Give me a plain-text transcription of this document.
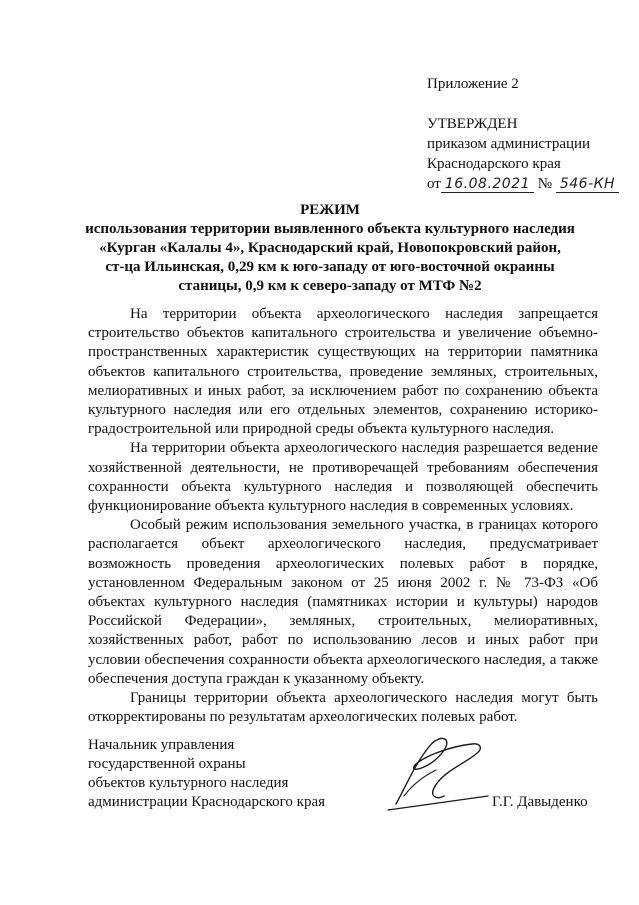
Приложение 2
УТВЕРЖДЕН
приказом администрации
Краснодарского края
от 16.08.2021 № 546-КН
РЕЖИМ
использования территории выявленного объекта культурного наследия
«Курган «Калалы 4», Краснодарский край, Новопокровский район,
ст-ца Ильинская, 0,29 км к юго-западу от юго-восточной окраины
станицы, 0,9 км к северо-западу от МТФ №2

На территории объекта археологического наследия запрещается строительство объектов капитального строительства и увеличение объемно-пространственных характеристик существующих на территории памятника объектов капитального строительства, проведение земляных, строительных, мелиоративных и иных работ, за исключением работ по сохранению объекта культурного наследия или его отдельных элементов, сохранению историко-градостроительной или природной среды объекта культурного наследия.

На территории объекта археологического наследия разрешается ведение хозяйственной деятельности, не противоречащей требованиям обеспечения сохранности объекта культурного наследия и позволяющей обеспечить функционирование объекта культурного наследия в современных условиях.

Особый режим использования земельного участка, в границах которого располагается объект археологического наследия, предусматривает возможность проведения археологических полевых работ в порядке, установленном Федеральным законом от 25 июня 2002 г. № 73-ФЗ «Об объектах культурного наследия (памятниках истории и культуры) народов Российской Федерации», земляных, строительных, мелиоративных, хозяйственных работ, работ по использованию лесов и иных работ при условии обеспечения сохранности объекта археологического наследия, а также обеспечения доступа граждан к указанному объекту.

Границы территории объекта археологического наследия могут быть откорректированы по результатам археологических полевых работ.

Начальник управления
государственной охраны
объектов культурного наследия
администрации Краснодарского края	Г.Г. Давыденко
